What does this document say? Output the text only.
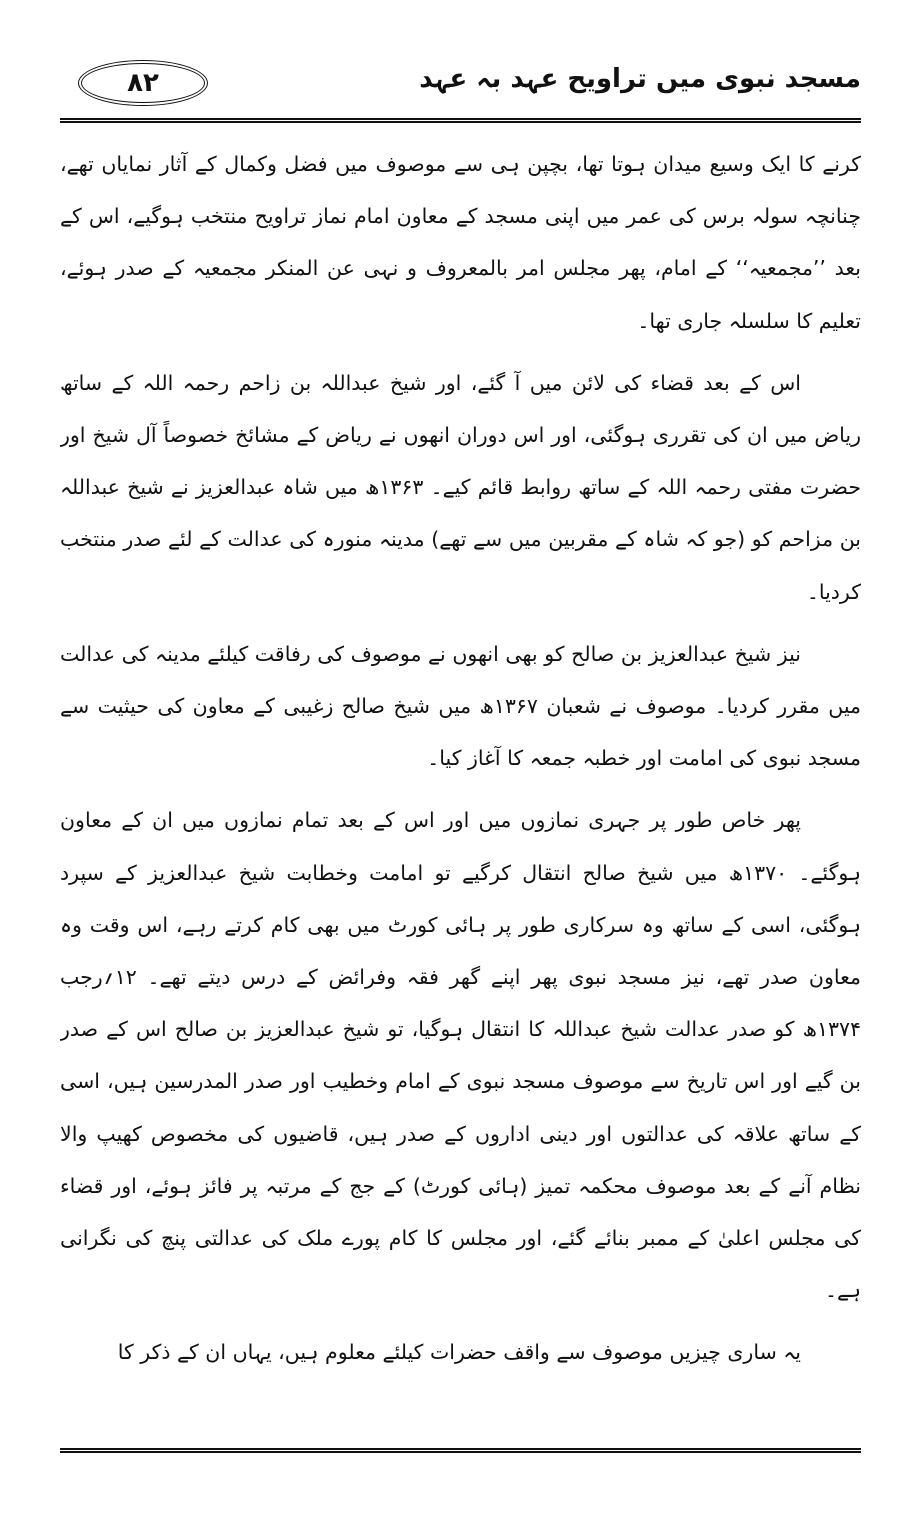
۸۲	مسجد نبوی میں تراویح عہد بہ عہد

کرنے کا ایک وسیع میدان ہوتا تھا، بچپن ہی سے موصوف میں فضل وکمال کے آثار نمایاں تھے، چنانچہ سولہ برس کی عمر میں اپنی مسجد کے معاون امام نماز تراویح منتخب ہوگیے، اس کے بعد ’’مجمعیہ‘‘ کے امام، پھر مجلس امر بالمعروف و نہی عن المنکر مجمعیہ کے صدر ہوئے، تعلیم کا سلسلہ جاری تھا۔

اس کے بعد قضاء کی لائن میں آ گئے، اور شیخ عبداللہ بن زاحم رحمہ اللہ کے ساتھ ریاض میں ان کی تقرری ہوگئی، اور اس دوران انھوں نے ریاض کے مشائخ خصوصاً آل شیخ اور حضرت مفتی رحمہ اللہ کے ساتھ روابط قائم کیے۔ ۱۳۶۳ھ میں شاہ عبدالعزیز نے شیخ عبداللہ بن مزاحم کو (جو کہ شاہ کے مقربین میں سے تھے) مدینہ منورہ کی عدالت کے لئے صدر منتخب کردیا۔

نیز شیخ عبدالعزیز بن صالح کو بھی انھوں نے موصوف کی رفاقت کیلئے مدینہ کی عدالت میں مقرر کردیا۔ موصوف نے شعبان ۱۳۶۷ھ میں شیخ صالح زغیبی کے معاون کی حیثیت سے مسجد نبوی کی امامت اور خطبہ جمعہ کا آغاز کیا۔

پھر خاص طور پر جہری نمازوں میں اور اس کے بعد تمام نمازوں میں ان کے معاون ہوگئے۔ ۱۳۷۰ھ میں شیخ صالح انتقال کرگیے تو امامت وخطابت شیخ عبدالعزیز کے سپرد ہوگئی، اسی کے ساتھ وہ سرکاری طور پر ہائی کورٹ میں بھی کام کرتے رہے، اس وقت وہ معاون صدر تھے، نیز مسجد نبوی پھر اپنے گھر فقہ وفرائض کے درس دیتے تھے۔ ۱۲؍رجب ۱۳۷۴ھ کو صدر عدالت شیخ عبداللہ کا انتقال ہوگیا، تو شیخ عبدالعزیز بن صالح اس کے صدر بن گیے اور اس تاریخ سے موصوف مسجد نبوی کے امام وخطیب اور صدر المدرسین ہیں، اسی کے ساتھ علاقہ کی عدالتوں اور دینی اداروں کے صدر ہیں، قاضیوں کی مخصوص کھیپ والا نظام آنے کے بعد موصوف محکمہ تمیز (ہائی کورٹ) کے جج کے مرتبہ پر فائز ہوئے، اور قضاء کی مجلس اعلیٰ کے ممبر بنائے گئے، اور مجلس کا کام پورے ملک کی عدالتی پنچ کی نگرانی ہے۔

یہ ساری چیزیں موصوف سے واقف حضرات کیلئے معلوم ہیں، یہاں ان کے ذکر کا
